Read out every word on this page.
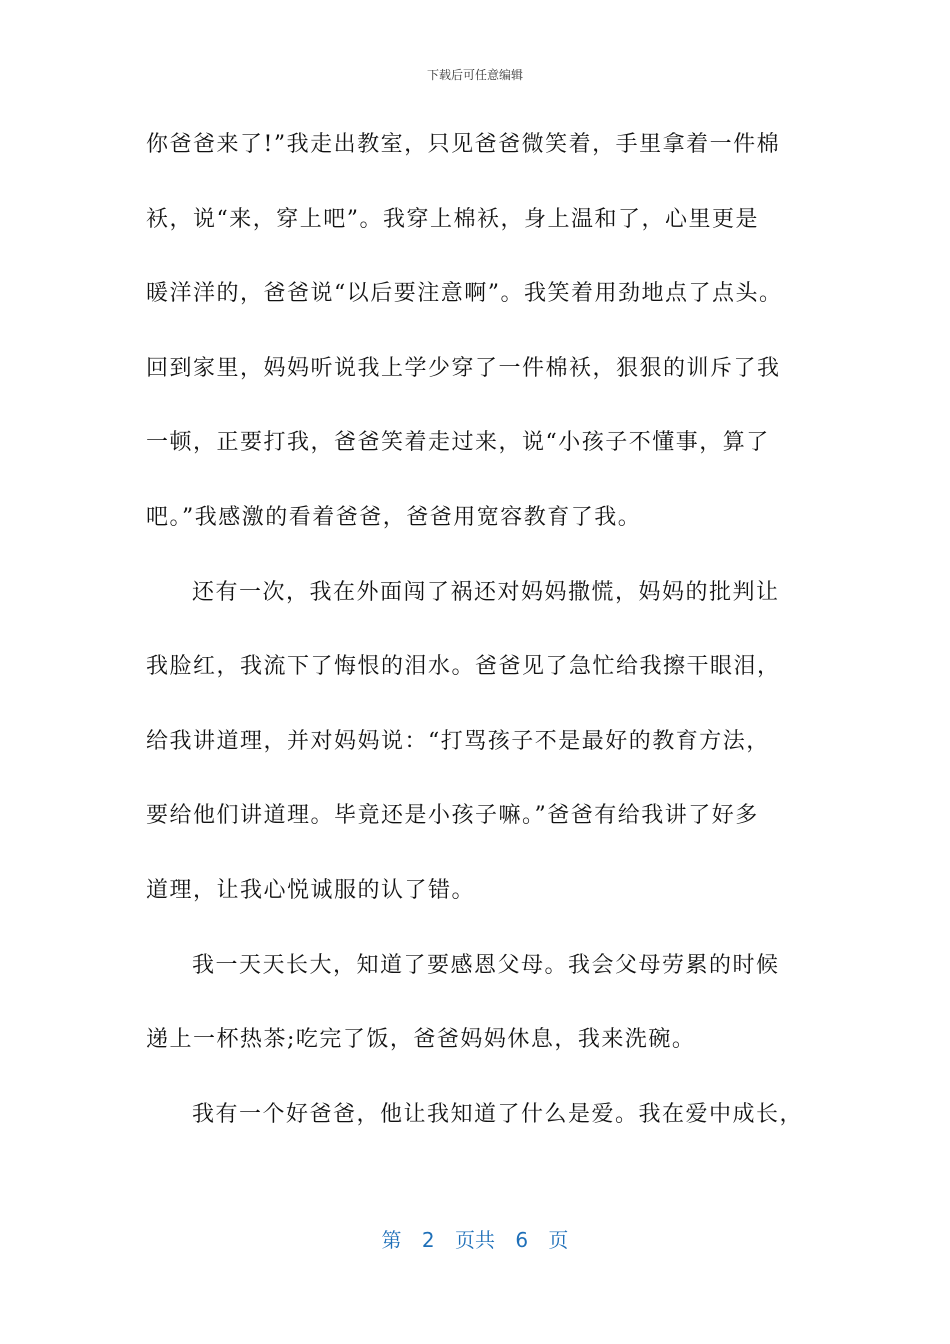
下载后可任意编辑
你爸爸来了!”我走出教室，只见爸爸微笑着，手里拿着一件棉
袄，说“来，穿上吧”。我穿上棉袄，身上温和了，心里更是
暖洋洋的，爸爸说“以后要注意啊”。我笑着用劲地点了点头。
回到家里，妈妈听说我上学少穿了一件棉袄，狠狠的训斥了我
一顿，正要打我，爸爸笑着走过来，说“小孩子不懂事，算了
吧。”我感激的看着爸爸，爸爸用宽容教育了我。
还有一次，我在外面闯了祸还对妈妈撒慌，妈妈的批判让
我脸红，我流下了悔恨的泪水。爸爸见了急忙给我擦干眼泪，
给我讲道理，并对妈妈说：“打骂孩子不是最好的教育方法，
要给他们讲道理。毕竟还是小孩子嘛。”爸爸有给我讲了好多
道理，让我心悦诚服的认了错。
我一天天长大，知道了要感恩父母。我会父母劳累的时候
递上一杯热茶;吃完了饭，爸爸妈妈休息，我来洗碗。
我有一个好爸爸，他让我知道了什么是爱。我在爱中成长，
第 2 页共 6 页
